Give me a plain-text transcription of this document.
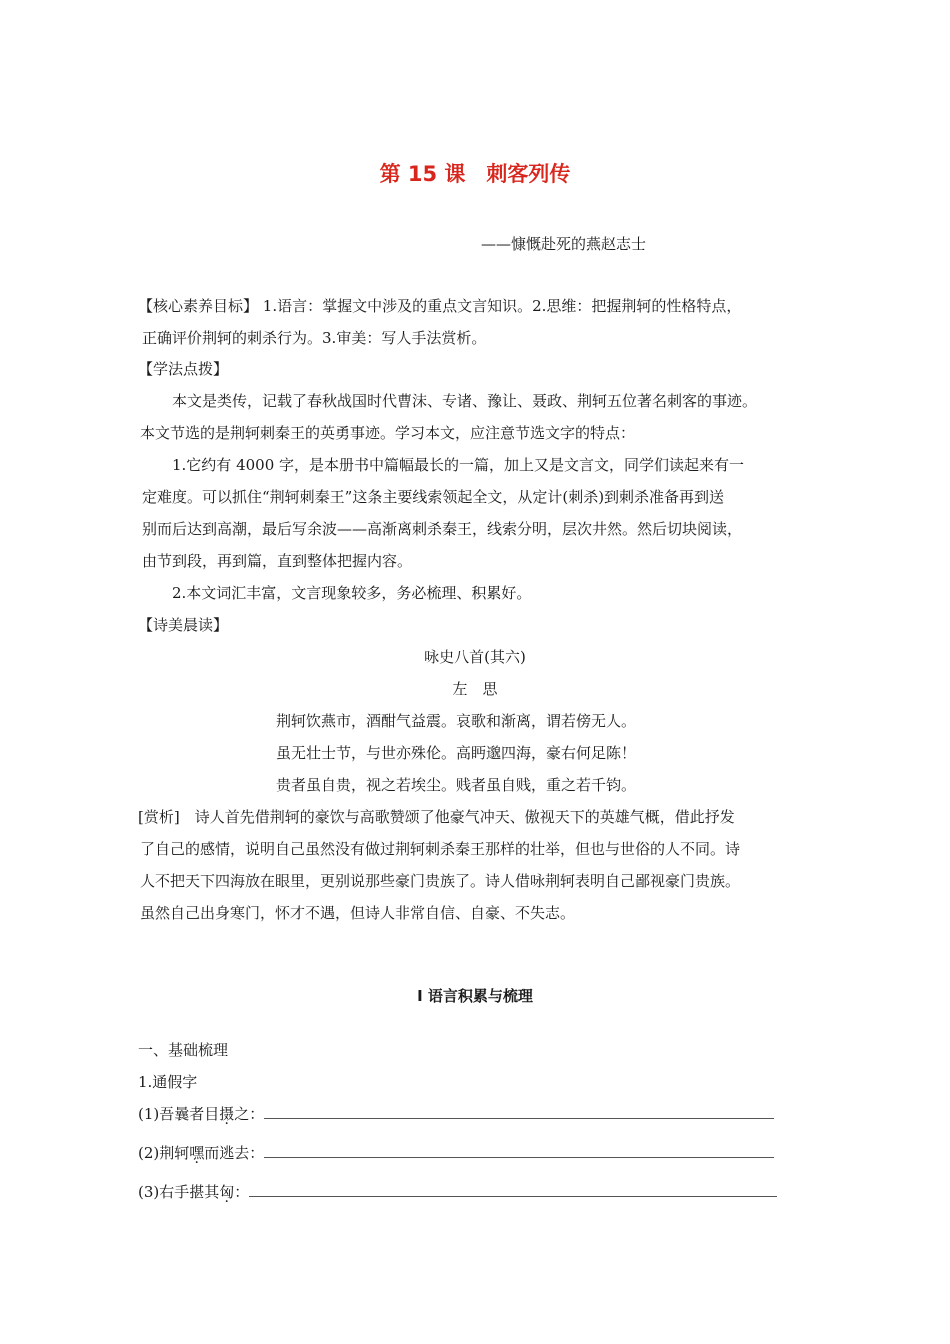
第 15 课　刺客列传
——慷慨赴死的燕赵志士
【核心素养目标】 1.语言：掌握文中涉及的重点文言知识。2.思维：把握荆轲的性格特点，
正确评价荆轲的刺杀行为。3.审美：写人手法赏析。
【学法点拨】
本文是类传，记载了春秋战国时代曹沫、专诸、豫让、聂政、荆轲五位著名刺客的事迹。
本文节选的是荆轲刺秦王的英勇事迹。学习本文，应注意节选文字的特点：
1.它约有 4000 字，是本册书中篇幅最长的一篇，加上又是文言文，同学们读起来有一
定难度。可以抓住“荆轲刺秦王”这条主要线索领起全文，从定计(刺杀)到刺杀准备再到送
别而后达到高潮，最后写余波——高渐离刺杀秦王，线索分明，层次井然。然后切块阅读，
由节到段，再到篇，直到整体把握内容。
2.本文词汇丰富，文言现象较多，务必梳理、积累好。
【诗美晨读】
咏史八首(其六)
左　思
荆轲饮燕市，酒酣气益震。哀歌和渐离，谓若傍无人。
虽无壮士节，与世亦殊伦。高眄邈四海，豪右何足陈！
贵者虽自贵，视之若埃尘。贱者虽自贱，重之若千钧。
[赏析]　诗人首先借荆轲的豪饮与高歌赞颂了他豪气冲天、傲视天下的英雄气概，借此抒发
了自己的感情，说明自己虽然没有做过荆轲刺杀秦王那样的壮举，但也与世俗的人不同。诗
人不把天下四海放在眼里，更别说那些豪门贵族了。诗人借咏荆轲表明自己鄙视豪门贵族。
虽然自己出身寒门，怀才不遇，但诗人非常自信、自豪、不失志。
Ⅰ 语言积累与梳理
一、基础梳理
1.通假字
(1)吾曩者目摄之：
(2)荆轲嘿而逃去：
(3)右手揕其匈：
